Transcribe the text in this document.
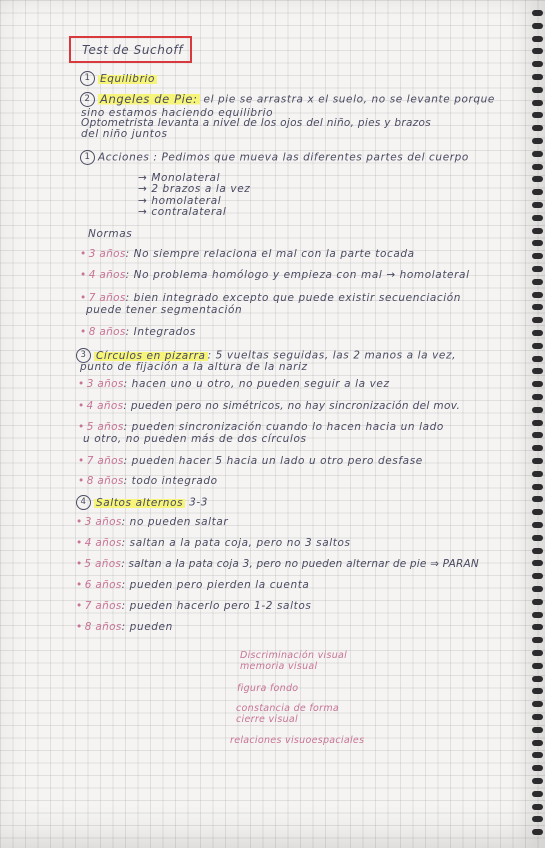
Test de Suchoff
1 Equilibrio
2 Angeles de Pie: el pie se arrastra x el suelo, no se levante porque
sino estamos haciendo equilibrio
Optometrista levanta a nivel de los ojos del niño, pies y brazos
del niño juntos
1 Acciones : Pedimos que mueva las diferentes partes del cuerpo
→ Monolateral
→ 2 brazos a la vez
→ homolateral
→ contralateral
Normas
• 3 años: No siempre relaciona el mal con la parte tocada
• 4 años: No problema homólogo y empieza con mal → homolateral
• 7 años: bien integrado excepto que puede existir secuenciación
puede tener segmentación
• 8 años: Integrados
3 Círculos en pizarra : 5 vueltas seguidas, las 2 manos a la vez,
punto de fijación a la altura de la nariz
• 3 años: hacen uno u otro, no pueden seguir a la vez
• 4 años: pueden pero no simétricos, no hay sincronización del mov.
• 5 años: pueden sincronización cuando lo hacen hacia un lado
u otro, no pueden más de dos círculos
• 7 años: pueden hacer 5 hacia un lado u otro pero desfase
• 8 años: todo integrado
4 Saltos alternos 3-3
• 3 años: no pueden saltar
• 4 años: saltan a la pata coja, pero no 3 saltos
• 5 años: saltan a la pata coja 3, pero no pueden alternar de pie ⇒ PARAN
• 6 años: pueden pero pierden la cuenta
• 7 años: pueden hacerlo pero 1-2 saltos
• 8 años: pueden
Discriminación visual
memoria visual
figura fondo
constancia de forma
cierre visual
relaciones visuoespaciales
